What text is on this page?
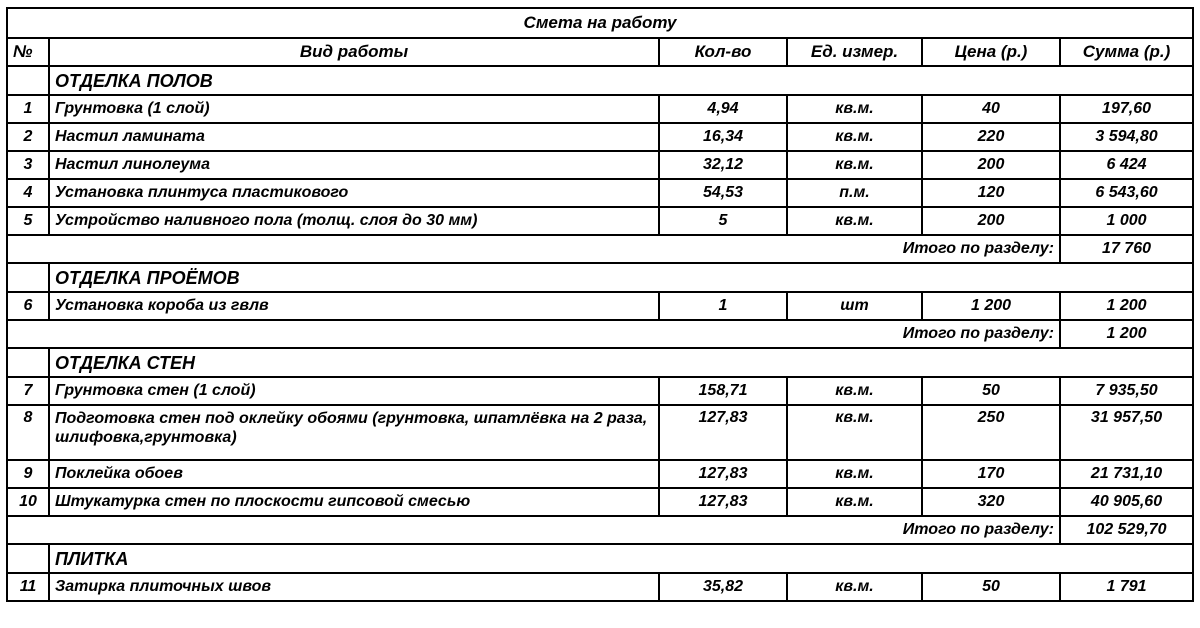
Смета на работу					
№	Вид работы	Кол-во	Ед. измер.	Цена (р.)	Сумма (р.)
	ОТДЕЛКА ПОЛОВ				
1	Грунтовка (1 слой)	4,94	кв.м.	40	197,60
2	Настил ламината	16,34	кв.м.	220	3 594,80
3	Настил линолеума	32,12	кв.м.	200	6 424
4	Установка плинтуса пластикового	54,53	п.м.	120	6 543,60
5	Устройство наливного пола (толщ. слоя до 30 мм)	5	кв.м.	200	1 000
Итого по разделу:					17 760
	ОТДЕЛКА ПРОЁМОВ				
6	Установка короба из гвлв	1	шт	1 200	1 200
Итого по разделу:					1 200
	ОТДЕЛКА СТЕН				
7	Грунтовка стен (1 слой)	158,71	кв.м.	50	7 935,50
8	Подготовка стен под оклейку обоями (грунтовка, шпатлёвка на 2 раза, шлифовка,грунтовка)	127,83	кв.м.	250	31 957,50
9	Поклейка обоев	127,83	кв.м.	170	21 731,10
10	Штукатурка стен по плоскости гипсовой смесью	127,83	кв.м.	320	40 905,60
Итого по разделу:					102 529,70
	ПЛИТКА				
11	Затирка плиточных швов	35,82	кв.м.	50	1 791
